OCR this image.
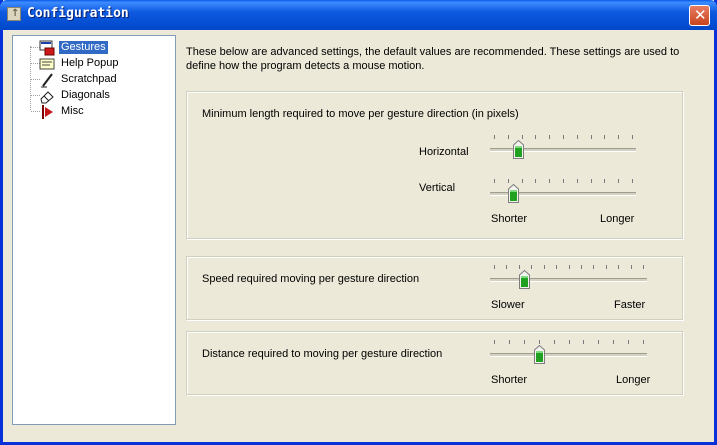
↑ Configuration	✕
Gestures
Help Popup
Scratchpad
Diagonals
Misc
These below are advanced settings, the default values are recommended. These settings are used to define how the program detects a mouse motion.
Minimum length required to move per gesture direction (in pixels)
Horizontal
Vertical
Shorter	Longer
Speed required moving per gesture direction
Slower	Faster
Distance required to moving per gesture direction
Shorter	Longer
